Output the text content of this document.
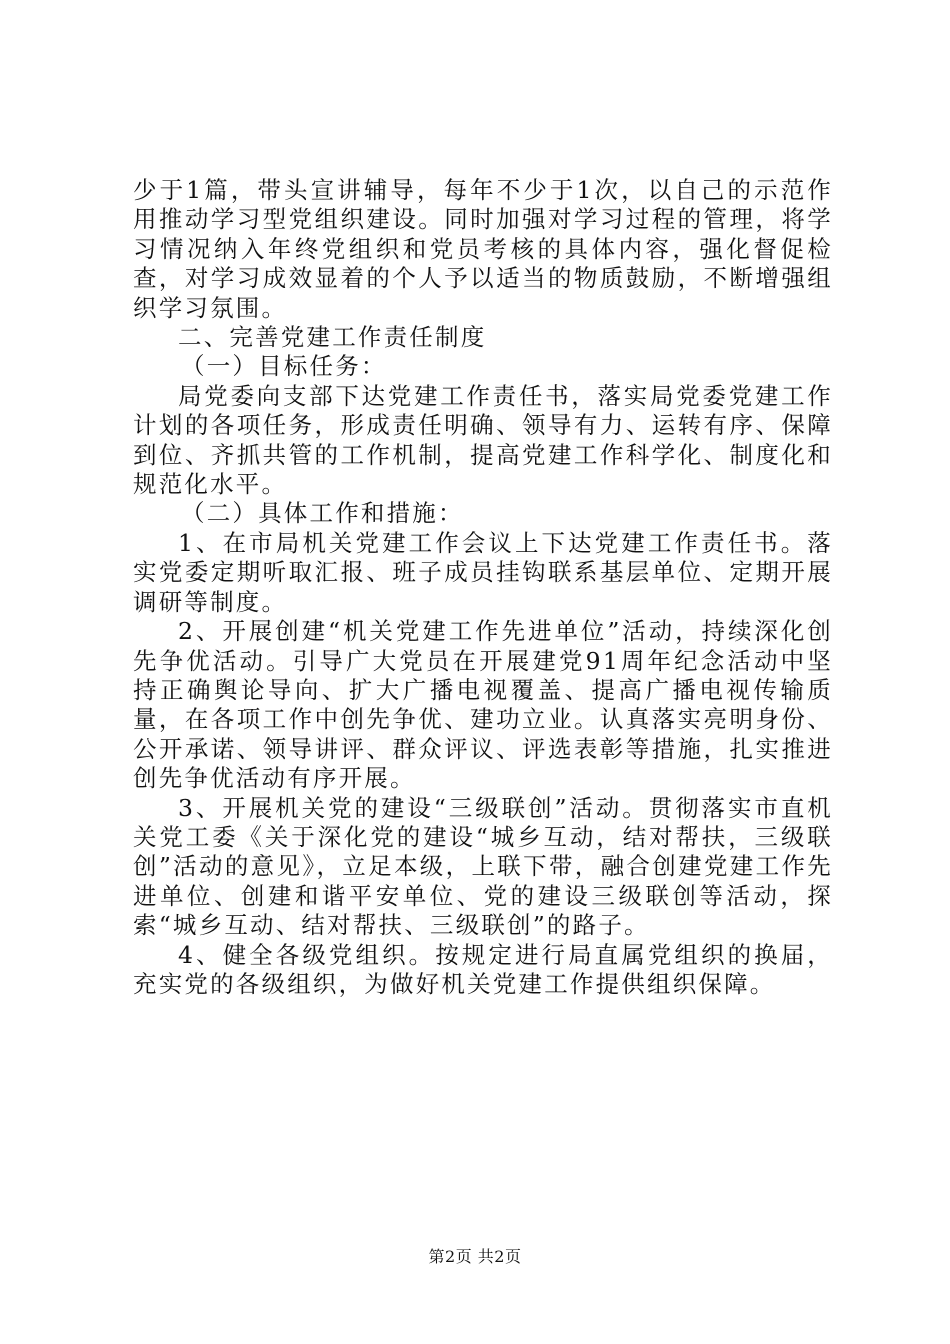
少于1篇，带头宣讲辅导，每年不少于1次，以自己的示范作用推动学习型党组织建设。同时加强对学习过程的管理，将学习情况纳入年终党组织和党员考核的具体内容，强化督促检查，对学习成效显着的个人予以适当的物质鼓励，不断增强组织学习氛围。

二、完善党建工作责任制度

（一）目标任务：

局党委向支部下达党建工作责任书，落实局党委党建工作计划的各项任务，形成责任明确、领导有力、运转有序、保障到位、齐抓共管的工作机制，提高党建工作科学化、制度化和规范化水平。

（二）具体工作和措施：

1、在市局机关党建工作会议上下达党建工作责任书。落实党委定期听取汇报、班子成员挂钩联系基层单位、定期开展调研等制度。

2、开展创建“机关党建工作先进单位”活动，持续深化创先争优活动。引导广大党员在开展建党91周年纪念活动中坚持正确舆论导向、扩大广播电视覆盖、提高广播电视传输质量，在各项工作中创先争优、建功立业。认真落实亮明身份、公开承诺、领导讲评、群众评议、评选表彰等措施，扎实推进创先争优活动有序开展。

3、开展机关党的建设“三级联创”活动。贯彻落实市直机关党工委《关于深化党的建设“城乡互动，结对帮扶，三级联创”活动的意见》，立足本级，上联下带，融合创建党建工作先进单位、创建和谐平安单位、党的建设三级联创等活动，探索“城乡互动、结对帮扶、三级联创”的路子。

4、健全各级党组织。按规定进行局直属党组织的换届，充实党的各级组织，为做好机关党建工作提供组织保障。

第2页 共2页
